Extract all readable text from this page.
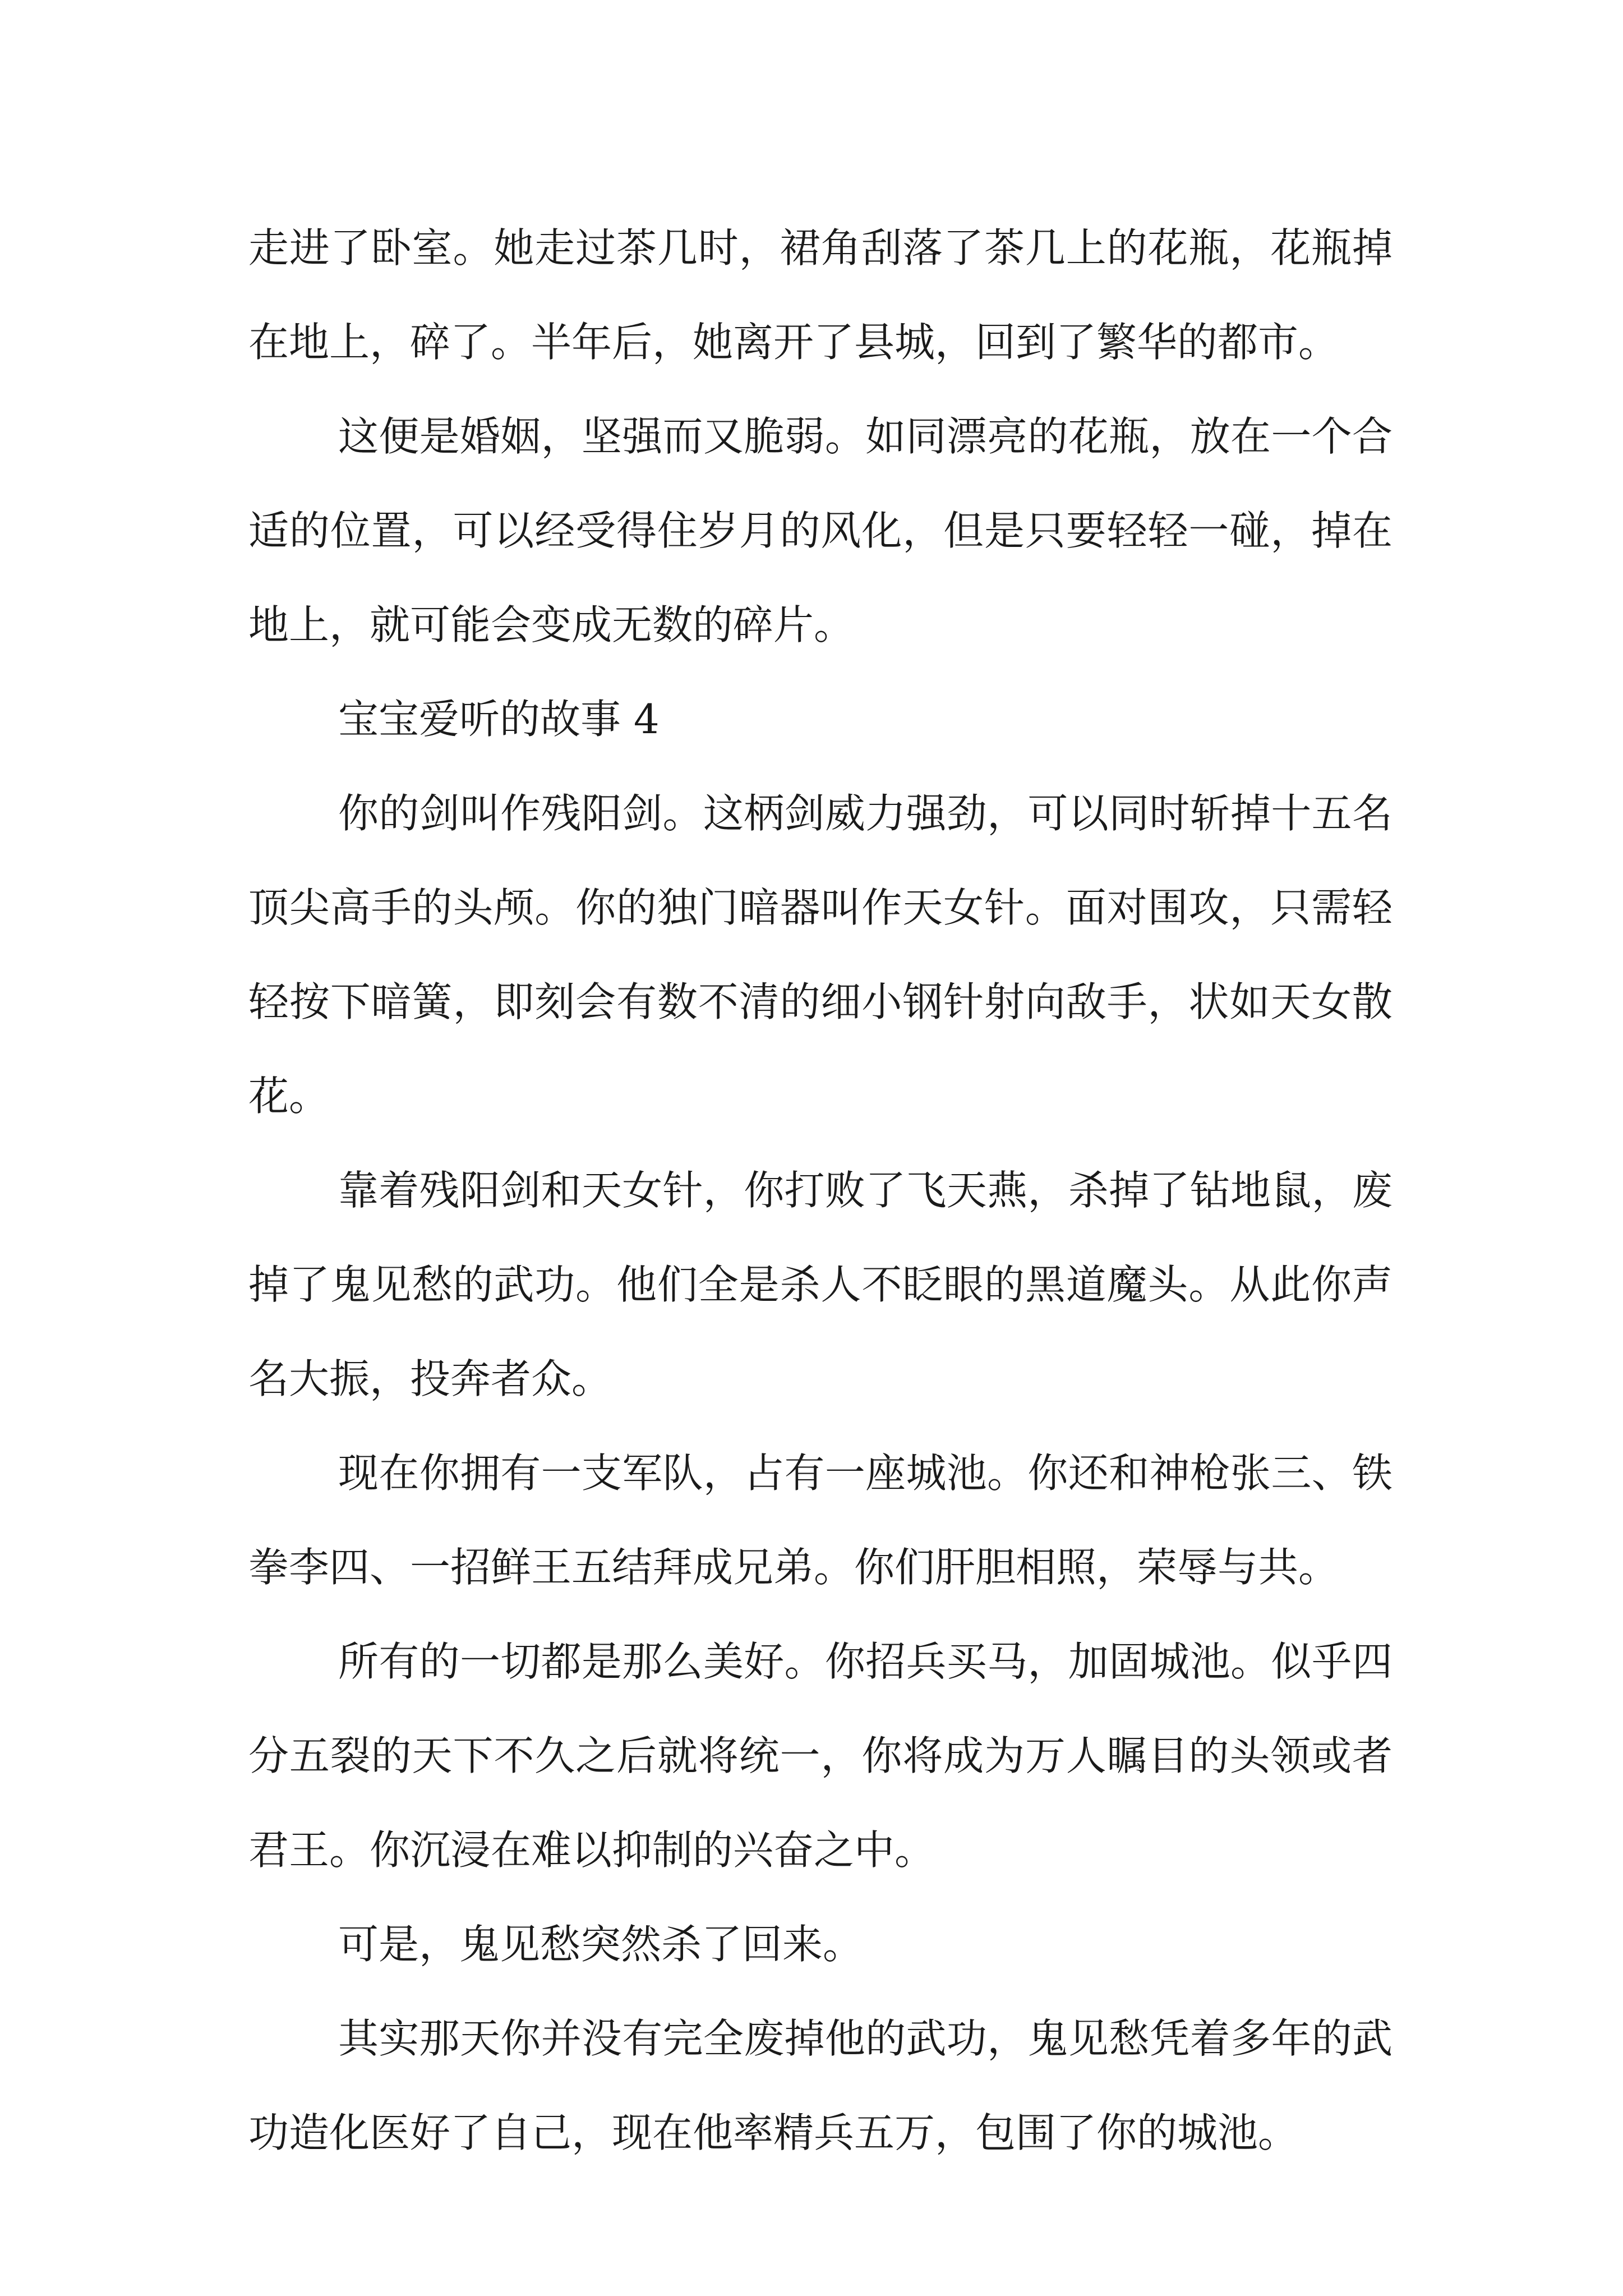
走进了卧室。她走过茶几时，裙角刮落了茶几上的花瓶，花瓶掉在地上，碎了。半年后，她离开了县城，回到了繁华的都市。

这便是婚姻，坚强而又脆弱。如同漂亮的花瓶，放在一个合适的位置，可以经受得住岁月的风化，但是只要轻轻一碰，掉在地上，就可能会变成无数的碎片。

宝宝爱听的故事 4

你的剑叫作残阳剑。这柄剑威力强劲，可以同时斩掉十五名顶尖高手的头颅。你的独门暗器叫作天女针。面对围攻，只需轻轻按下暗簧，即刻会有数不清的细小钢针射向敌手，状如天女散花。

靠着残阳剑和天女针，你打败了飞天燕，杀掉了钻地鼠，废掉了鬼见愁的武功。他们全是杀人不眨眼的黑道魔头。从此你声名大振，投奔者众。

现在你拥有一支军队，占有一座城池。你还和神枪张三、铁拳李四、一招鲜王五结拜成兄弟。你们肝胆相照，荣辱与共。

所有的一切都是那么美好。你招兵买马，加固城池。似乎四分五裂的天下不久之后就将统一，你将成为万人瞩目的头领或者君王。你沉浸在难以抑制的兴奋之中。

可是，鬼见愁突然杀了回来。

其实那天你并没有完全废掉他的武功，鬼见愁凭着多年的武功造化医好了自己，现在他率精兵五万，包围了你的城池。
